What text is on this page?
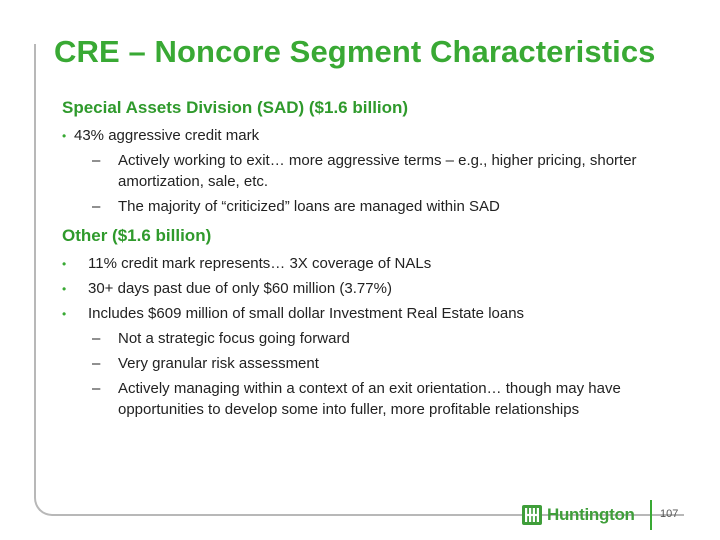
CRE – Noncore Segment Characteristics
Special Assets Division (SAD) ($1.6 billion)
• 43% aggressive credit mark
– Actively working to exit… more aggressive terms – e.g., higher pricing, shorter amortization, sale, etc.
– The majority of “criticized” loans are managed within SAD
Other ($1.6 billion)
• 11% credit mark represents… 3X coverage of NALs
• 30+ days past due of only $60 million (3.77%)
• Includes $609 million of small dollar Investment Real Estate loans
– Not a strategic focus going forward
– Very granular risk assessment
– Actively managing within a context of an exit orientation… though may have opportunities to develop some into fuller, more profitable relationships
Huntington 107
